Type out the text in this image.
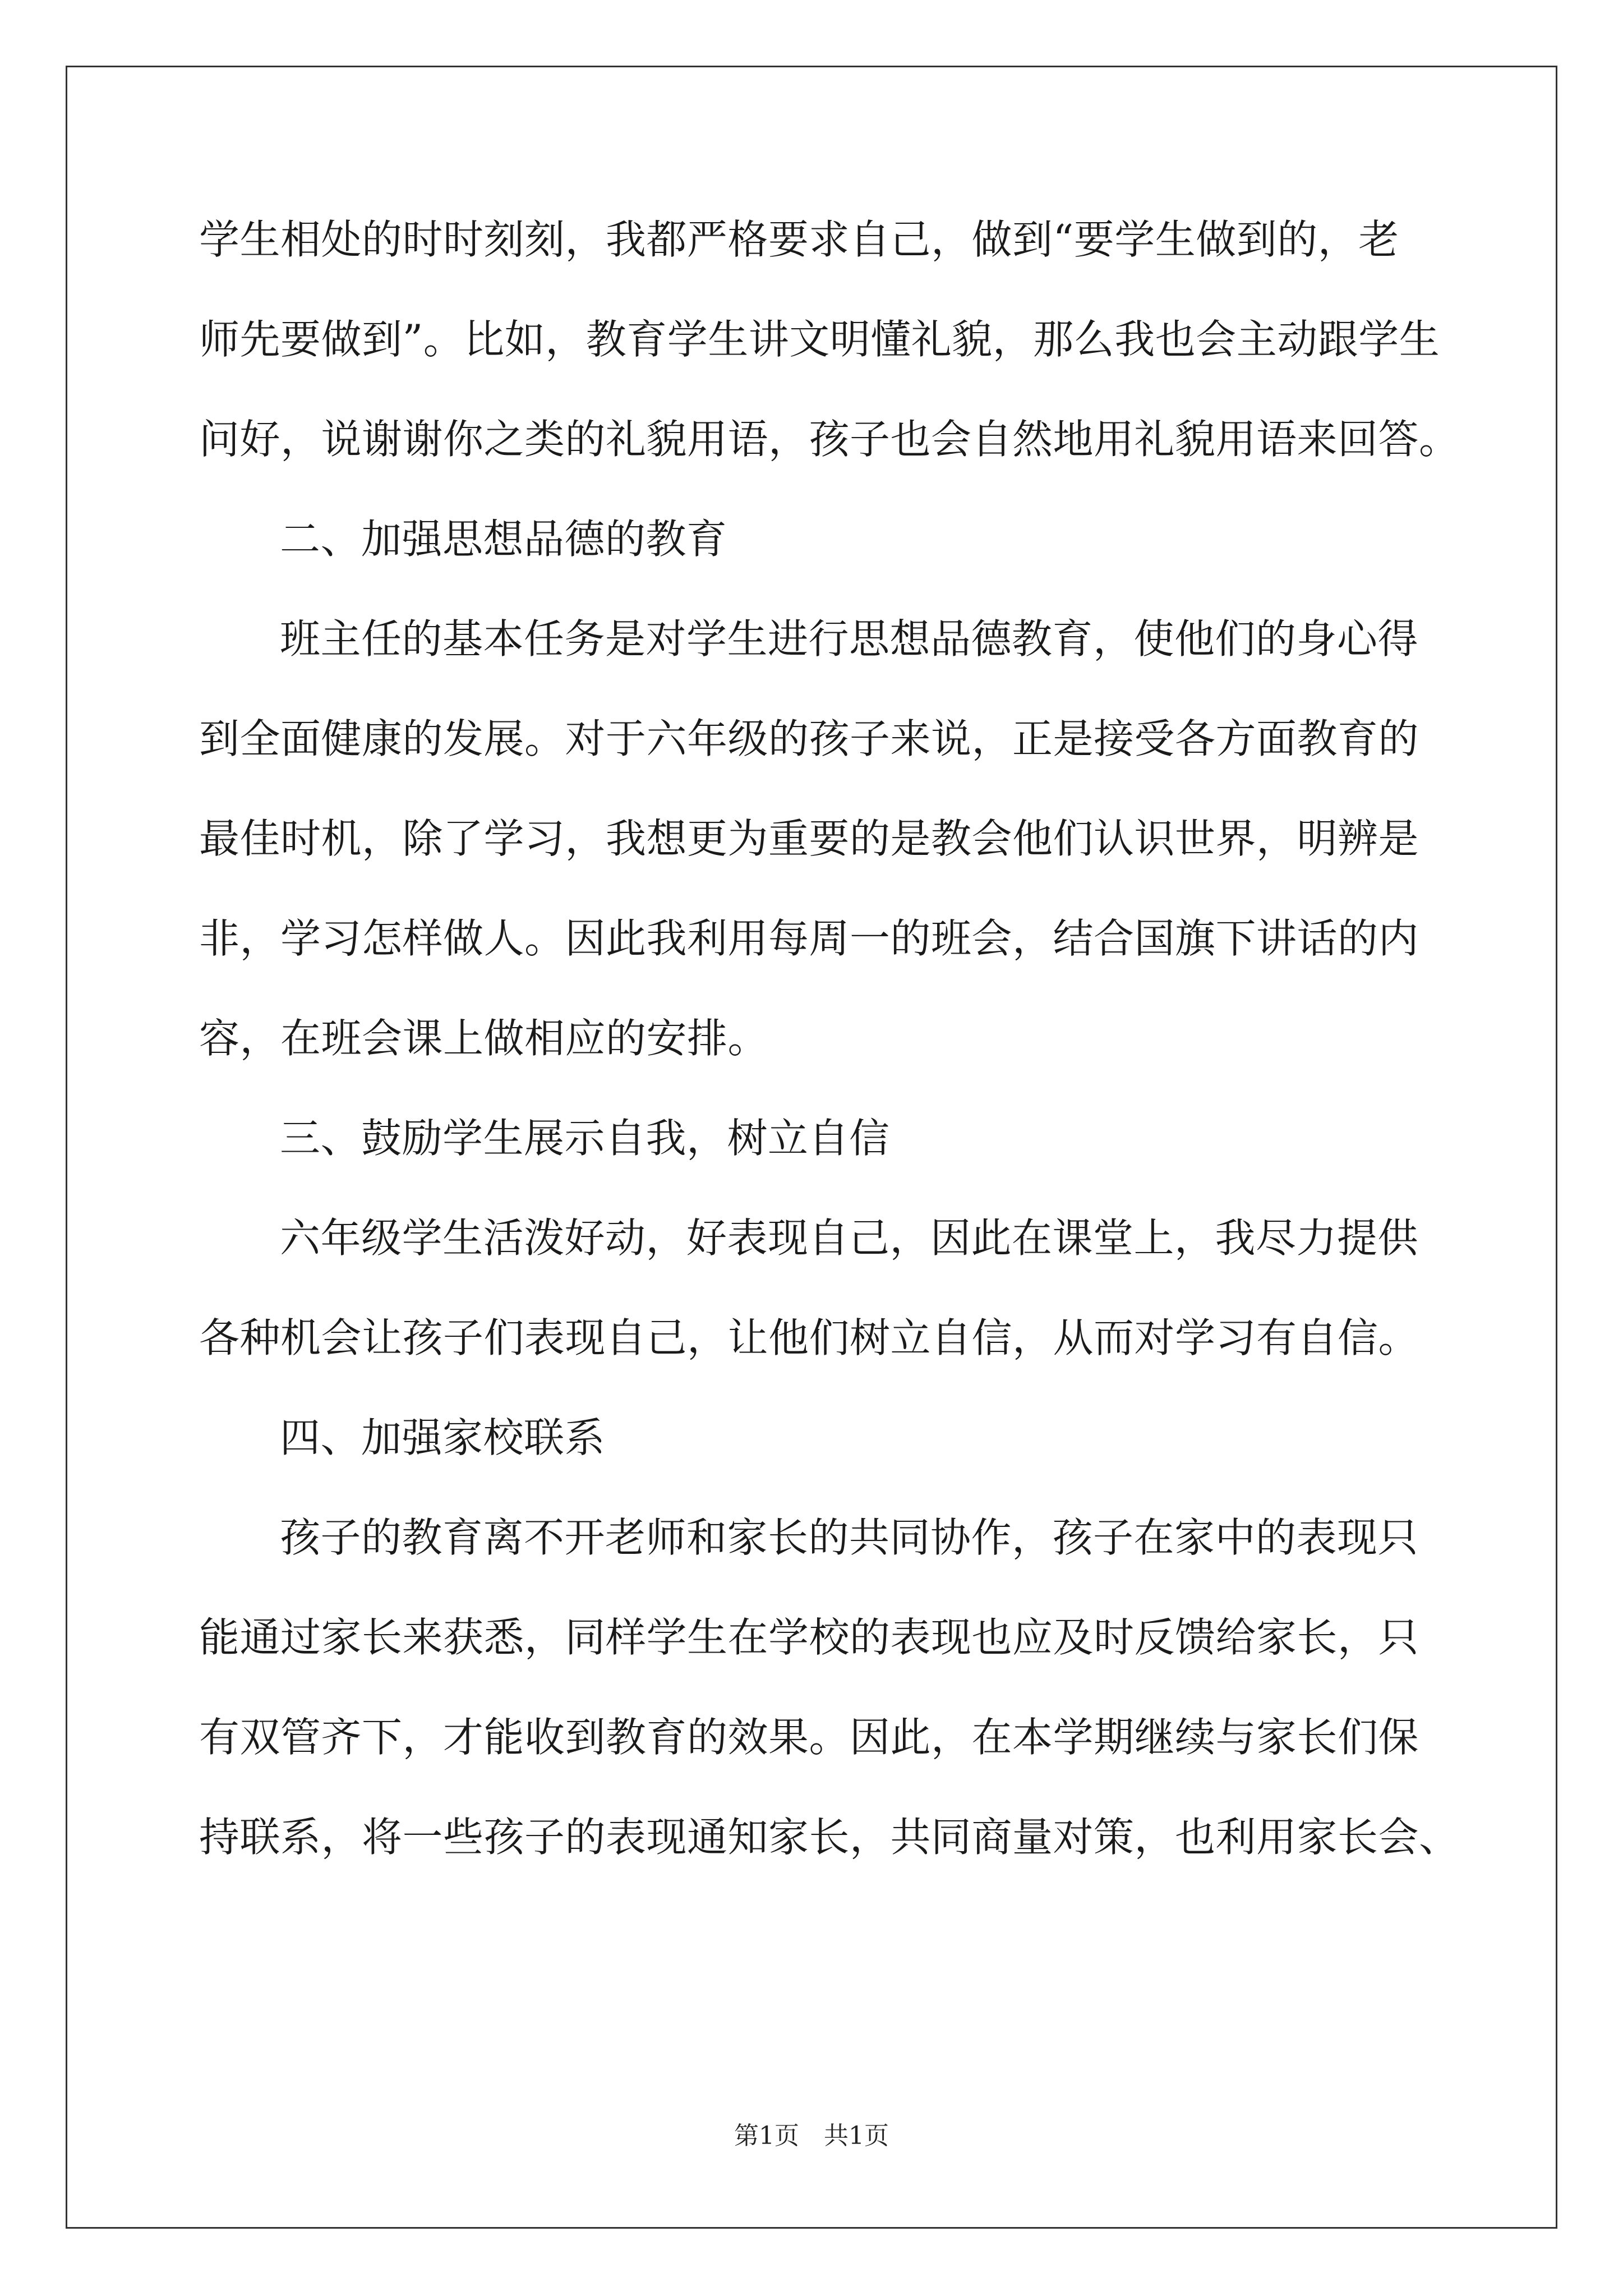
学生相处的时时刻刻，我都严格要求自己，做到“要学生做到的，老
师先要做到”。比如，教育学生讲文明懂礼貌，那么我也会主动跟学生
问好，说谢谢你之类的礼貌用语，孩子也会自然地用礼貌用语来回答。
二、加强思想品德的教育
班主任的基本任务是对学生进行思想品德教育，使他们的身心得
到全面健康的发展。对于六年级的孩子来说，正是接受各方面教育的
最佳时机，除了学习，我想更为重要的是教会他们认识世界，明辨是
非，学习怎样做人。因此我利用每周一的班会，结合国旗下讲话的内
容，在班会课上做相应的安排。
三、鼓励学生展示自我，树立自信
六年级学生活泼好动，好表现自己，因此在课堂上，我尽力提供
各种机会让孩子们表现自己，让他们树立自信，从而对学习有自信。
四、加强家校联系
孩子的教育离不开老师和家长的共同协作，孩子在家中的表现只
能通过家长来获悉，同样学生在学校的表现也应及时反馈给家长，只
有双管齐下，才能收到教育的效果。因此，在本学期继续与家长们保
持联系，将一些孩子的表现通知家长，共同商量对策，也利用家长会、
第1页　共1页
